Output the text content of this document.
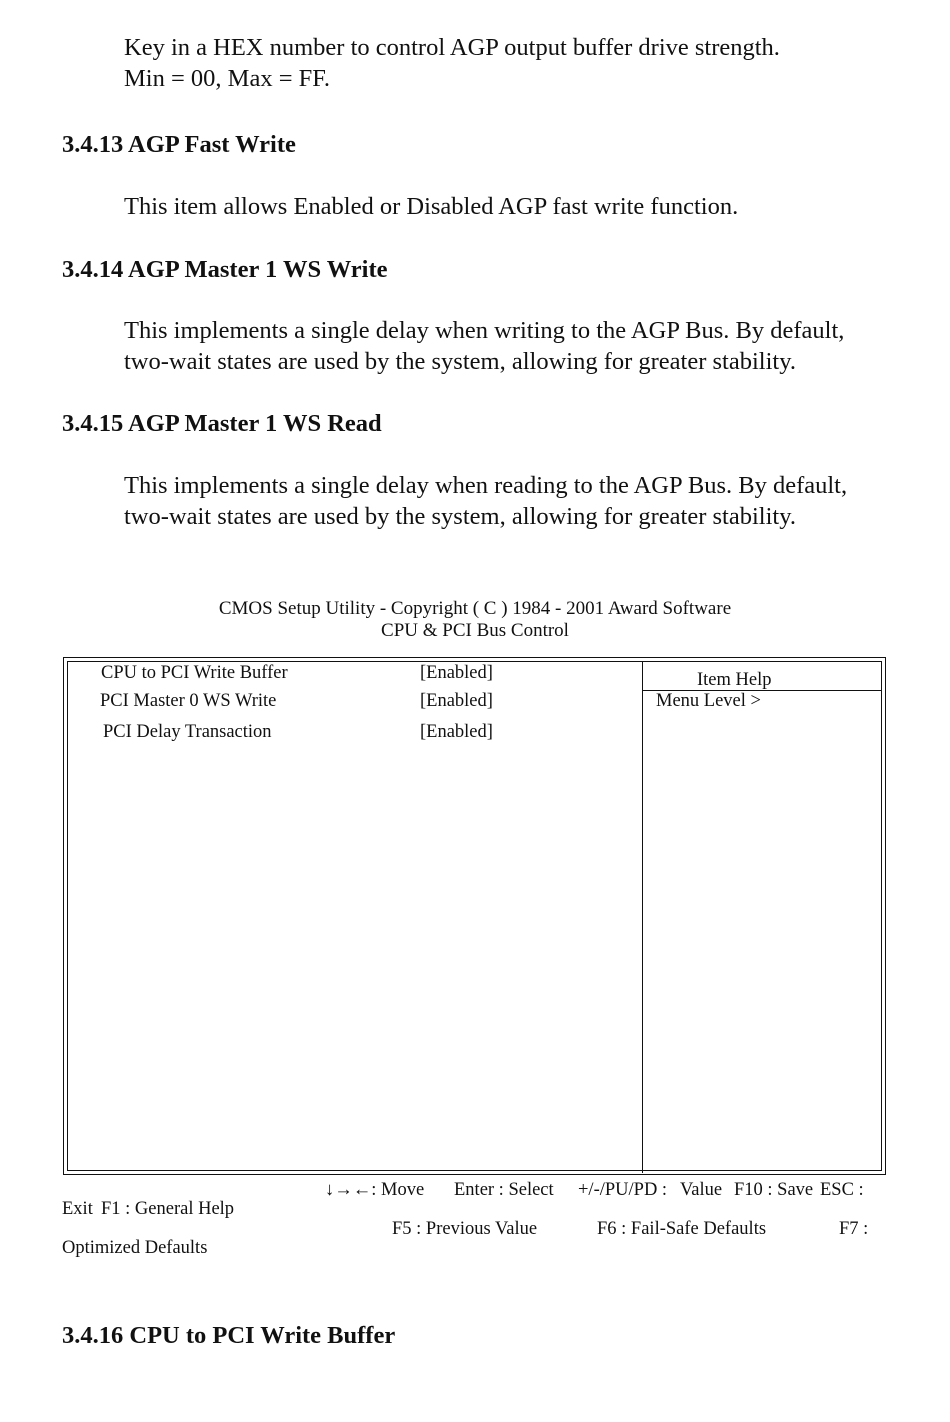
Key in a HEX number to control AGP output buffer drive strength.
Min = 00, Max = FF.
3.4.13 AGP Fast Write
This item allows Enabled or Disabled AGP fast write function.
3.4.14 AGP Master 1 WS Write
This implements a single delay when writing to the AGP Bus. By default,
two-wait states are used by the system, allowing for greater stability.
3.4.15 AGP Master 1 WS Read
This implements a single delay when reading to the AGP Bus. By default,
two-wait states are used by the system, allowing for greater stability.
CMOS Setup Utility - Copyright ( C ) 1984 - 2001 Award Software
CPU & PCI Bus Control
CPU to PCI Write Buffer	[Enabled]
PCI Master 0 WS Write	[Enabled]
PCI Delay Transaction	[Enabled]
Item Help
Menu Level >
↓→←: Move Enter : Select +/-/PU/PD : Value F10 : Save ESC :
Exit F1 : General Help
F5 : Previous Value	F6 : Fail-Safe Defaults	F7 :
Optimized Defaults
3.4.16 CPU to PCI Write Buffer
